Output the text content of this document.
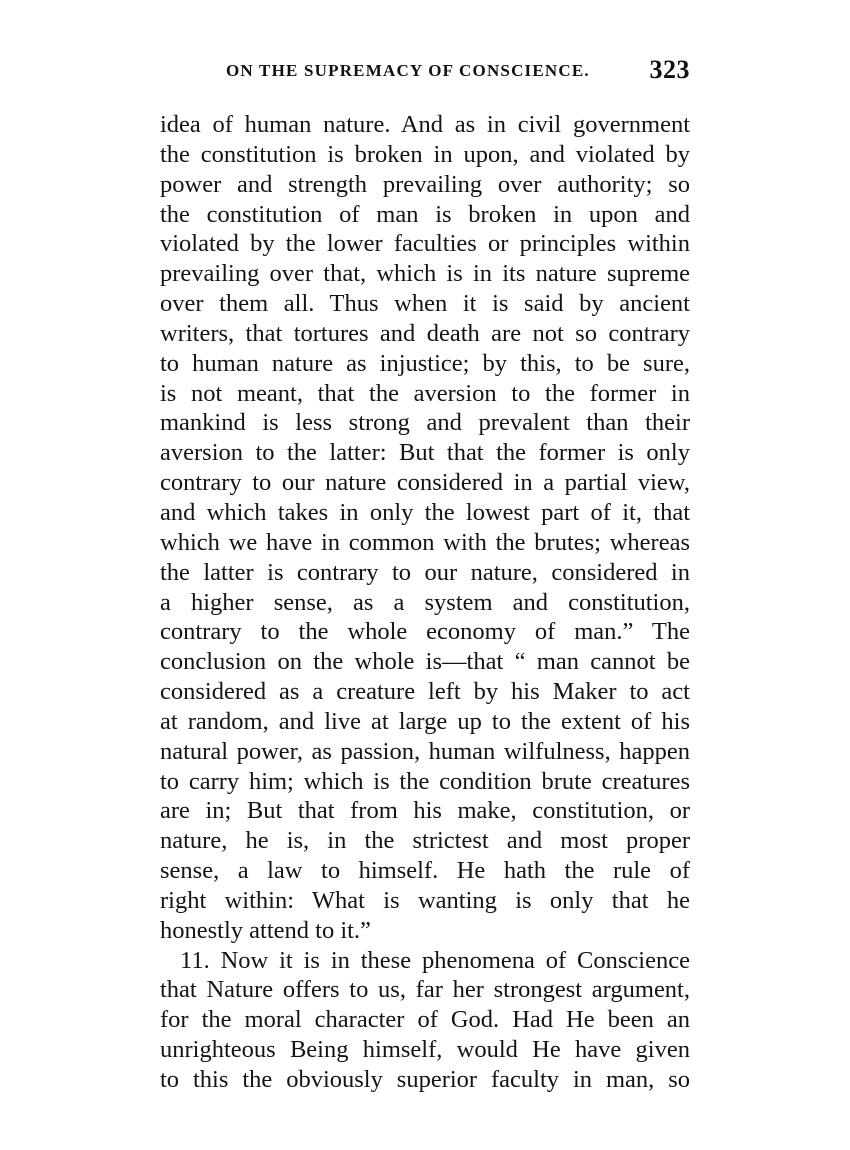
ON THE SUPREMACY OF CONSCIENCE. 323
idea of human nature. And as in civil government
the constitution is broken in upon, and violated by
power and strength prevailing over authority; so
the constitution of man is broken in upon and
violated by the lower faculties or principles within
prevailing over that, which is in its nature supreme
over them all. Thus when it is said by ancient
writers, that tortures and death are not so contrary
to human nature as injustice; by this, to be sure,
is not meant, that the aversion to the former in
mankind is less strong and prevalent than their
aversion to the latter: But that the former is only
contrary to our nature considered in a partial view,
and which takes in only the lowest part of it, that
which we have in common with the brutes; whereas
the latter is contrary to our nature, considered in
a higher sense, as a system and constitution,
contrary to the whole economy of man.” The
conclusion on the whole is—that “ man cannot be
considered as a creature left by his Maker to act
at random, and live at large up to the extent of his
natural power, as passion, human wilfulness, happen
to carry him; which is the condition brute creatures
are in; But that from his make, constitution, or
nature, he is, in the strictest and most proper
sense, a law to himself. He hath the rule of
right within: What is wanting is only that he
honestly attend to it.”
11. Now it is in these phenomena of Conscience
that Nature offers to us, far her strongest argument,
for the moral character of God. Had He been an
unrighteous Being himself, would He have given
to this the obviously superior faculty in man, so
